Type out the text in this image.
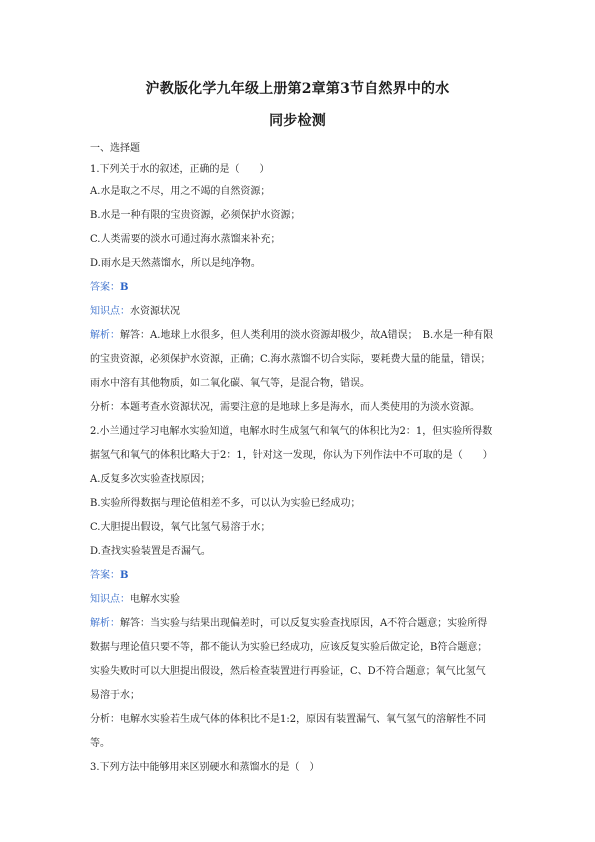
沪教版化学九年级上册第2章第3节自然界中的水
同步检测
一、选择题
1.下列关于水的叙述，正确的是（　　）
A.水是取之不尽，用之不竭的自然资源；
B.水是一种有限的宝贵资源，必须保护水资源；
C.人类需要的淡水可通过海水蒸馏来补充；
D.雨水是天然蒸馏水，所以是纯净物。
答案：B
知识点：水资源状况
解析：解答：A.地球上水很多，但人类利用的淡水资源却极少，故A错误；　B.水是一种有限
的宝贵资源，必须保护水资源，正确；C.海水蒸馏不切合实际，要耗费大量的能量，错误；
雨水中溶有其他物质，如二氧化碳、氧气等，是混合物，错误。
分析：本题考查水资源状况，需要注意的是地球上多是海水，而人类使用的为淡水资源。
2.小兰通过学习电解水实验知道，电解水时生成氢气和氧气的体积比为2：1，但实验所得数
据氢气和氧气的体积比略大于2：1，针对这一发现，你认为下列作法中不可取的是（　　）
A.反复多次实验查找原因；
B.实验所得数据与理论值相差不多，可以认为实验已经成功；
C.大胆提出假设，氧气比氢气易溶于水；
D.查找实验装置是否漏气。
答案：B
知识点：电解水实验
解析：解答：当实验与结果出现偏差时，可以反复实验查找原因，A不符合题意；实验所得
数据与理论值只要不等，都不能认为实验已经成功，应该反复实验后做定论，B符合题意；
实验失败时可以大胆提出假设，然后检查装置进行再验证，C、D不符合题意；氧气比氢气
易溶于水；
分析：电解水实验若生成气体的体积比不是1:2，原因有装置漏气、氧气氢气的溶解性不同
等。
3.下列方法中能够用来区别硬水和蒸馏水的是（　）
